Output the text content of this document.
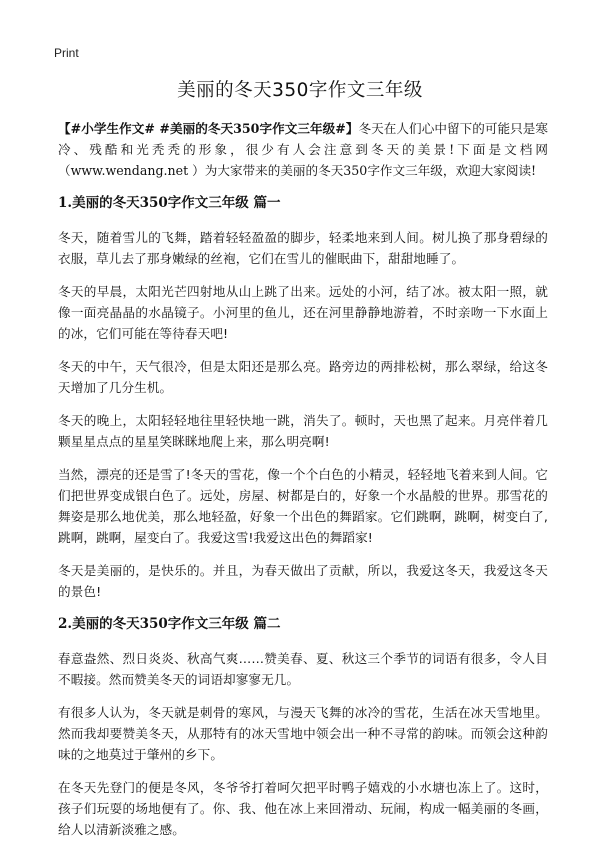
Print
美丽的冬天350字作文三年级

【#小学生作文# #美丽的冬天350字作文三年级#】冬天在人们心中留下的可能只是寒冷、残酷和光秃秃的形象，很少有人会注意到冬天的美景!下面是文档网（www.wendang.net ）为大家带来的美丽的冬天350字作文三年级，欢迎大家阅读!

1.美丽的冬天350字作文三年级 篇一

冬天，随着雪儿的飞舞，踏着轻轻盈盈的脚步，轻柔地来到人间。树儿换了那身碧绿的衣服，草儿去了那身嫩绿的丝袍，它们在雪儿的催眠曲下，甜甜地睡了。

冬天的早晨，太阳光芒四射地从山上跳了出来。远处的小河，结了冰。被太阳一照，就像一面亮晶晶的水晶镜子。小河里的鱼儿，还在河里静静地游着，不时亲吻一下水面上的冰，它们可能在等待春天吧!

冬天的中午，天气很冷，但是太阳还是那么亮。路旁边的两排松树，那么翠绿，给这冬天增加了几分生机。

冬天的晚上，太阳轻轻地往里轻快地一跳，消失了。顿时，天也黑了起来。月亮伴着几颗星星点点的星星笑眯眯地爬上来，那么明亮啊!

当然，漂亮的还是雪了!冬天的雪花，像一个个白色的小精灵，轻轻地飞着来到人间。它们把世界变成银白色了。远处，房屋、树都是白的，好象一个水晶般的世界。那雪花的舞姿是那么地优美，那么地轻盈，好象一个出色的舞蹈家。它们跳啊，跳啊，树变白了,跳啊，跳啊，屋变白了。我爱这雪!我爱这出色的舞蹈家!

冬天是美丽的，是快乐的。并且，为春天做出了贡献，所以，我爱这冬天，我爱这冬天的景色!

2.美丽的冬天350字作文三年级 篇二

春意盎然、烈日炎炎、秋高气爽……赞美春、夏、秋这三个季节的词语有很多，令人目不暇接。然而赞美冬天的词语却寥寥无几。

有很多人认为，冬天就是刺骨的寒风，与漫天飞舞的冰冷的雪花，生活在冰天雪地里。然而我却要赞美冬天，从那特有的冰天雪地中领会出一种不寻常的韵味。而领会这种韵味的之地莫过于肇州的乡下。

在冬天先登门的便是冬风，冬爷爷打着呵欠把平时鸭子嬉戏的小水塘也冻上了。这时，孩子们玩耍的场地便有了。你、我、他在冰上来回滑动、玩闹，构成一幅美丽的冬画，给人以清新淡雅之感。
